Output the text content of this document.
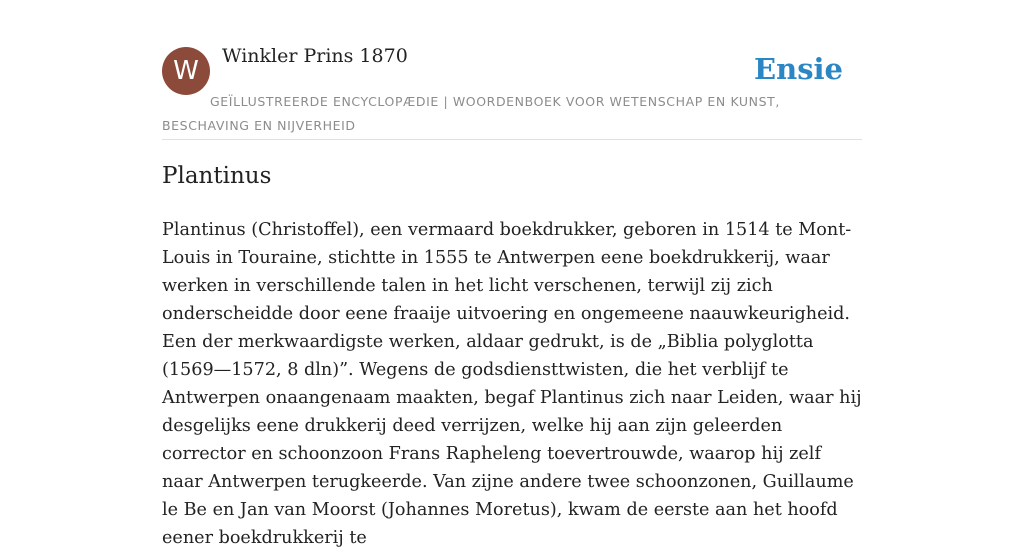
W	Winkler Prins 1870	Ensie
GEÏLLUSTREERDE ENCYCLOPÆDIE | WOORDENBOEK VOOR WETENSCHAP EN KUNST, BESCHAVING EN NIJVERHEID
Plantinus

Plantinus (Christoffel), een vermaard boekdrukker, geboren in 1514 te Mont-Louis in Touraine, stichtte in 1555 te Antwerpen eene boekdrukkerij, waar werken in verschillende talen in het licht verschenen, terwijl zij zich onderscheidde door eene fraaije uitvoering en ongemeene naauwkeurigheid. Een der merkwaardigste werken, aldaar gedrukt, is de „Biblia polyglotta (1569—1572, 8 dln)”. Wegens de godsdiensttwisten, die het verblijf te Antwerpen onaangenaam maakten, begaf Plantinus zich naar Leiden, waar hij desgelijks eene drukkerij deed verrijzen, welke hij aan zijn geleerden corrector en schoonzoon Frans Rapheleng toevertrouwde, waarop hij zelf naar Antwerpen terugkeerde. Van zijne andere twee schoonzonen, Guillaume le Be en Jan van Moorst (Johannes Moretus), kwam de eerste aan het hoofd eener boekdrukkerij te
